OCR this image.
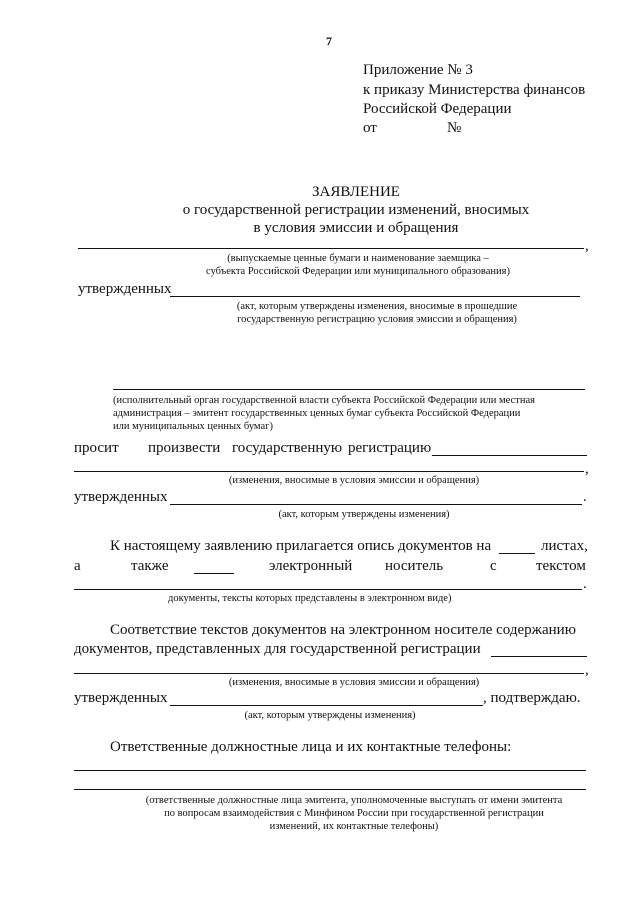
7
Приложение № 3
к приказу Министерства финансов
Российской Федерации
от	№
ЗАЯВЛЕНИЕ
о государственной регистрации изменений, вносимых
в условия эмиссии и обращения
,
(выпускаемые ценные бумаги и наименование заемщика –
субъекта Российской Федерации или муниципального образования)
утвержденных
(акт, которым утверждены изменения, вносимые в прошедшие
государственную регистрацию условия эмиссии и обращения)
(исполнительный орган государственной власти субъекта Российской Федерации или местная
администрация – эмитент государственных ценных бумаг субъекта Российской Федерации
или муниципальных ценных бумаг)
просит произвести государственную регистрацию
,
(изменения, вносимые в условия эмиссии и обращения)
утвержденных	.
(акт, которым утверждены изменения)
К настоящему заявлению прилагается опись документов на	листах,
а	также	электронный носитель	с	текстом
.
документы, тексты которых представлены в электронном виде)
Соответствие текстов документов на электронном носителе содержанию
документов, представленных для государственной регистрации
,
(изменения, вносимые в условия эмиссии и обращения)
утвержденных	, подтверждаю.
(акт, которым утверждены изменения)
Ответственные должностные лица и их контактные телефоны:
(ответственные должностные лица эмитента, уполномоченные выступать от имени эмитента
по вопросам взаимодействия с Минфином России при государственной регистрации
изменений, их контактные телефоны)
